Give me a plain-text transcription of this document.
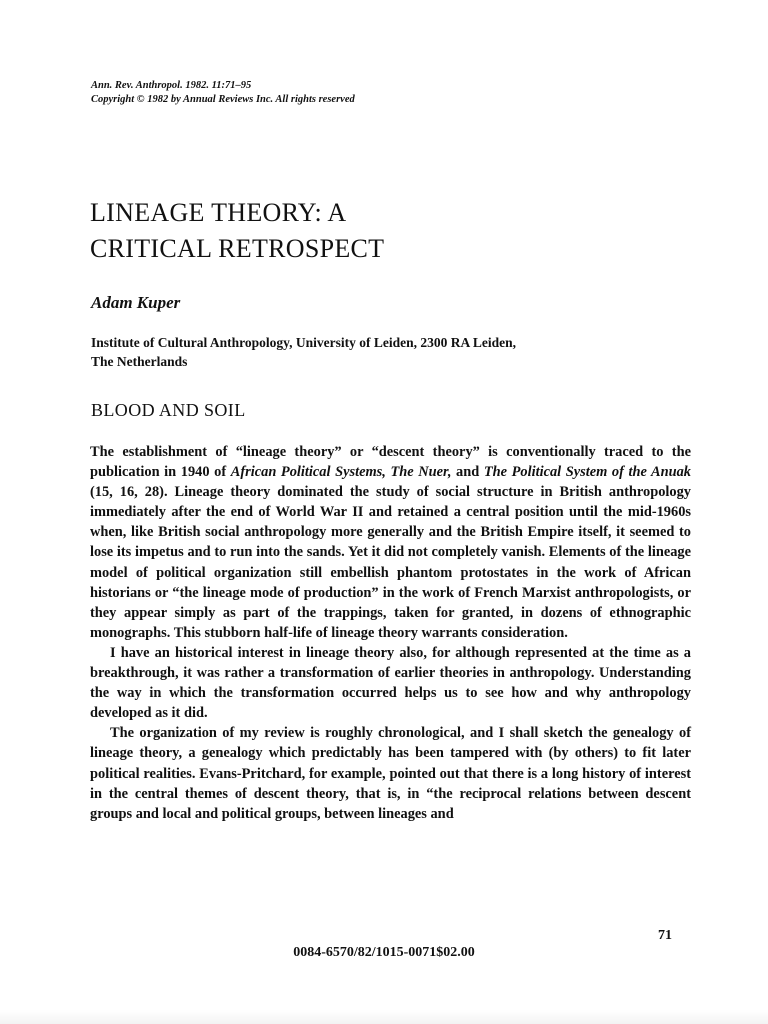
Ann. Rev. Anthropol. 1982. 11:71–95
Copyright © 1982 by Annual Reviews Inc. All rights reserved
LINEAGE THEORY: A
CRITICAL RETROSPECT
Adam Kuper
Institute of Cultural Anthropology, University of Leiden, 2300 RA Leiden,
The Netherlands
BLOOD AND SOIL

The establishment of “lineage theory” or “descent theory” is conventionally traced to the publication in 1940 of African Political Systems, The Nuer, and The Political System of the Anuak (15, 16, 28). Lineage theory dominated the study of social structure in British anthropology immediately after the end of World War II and retained a central position until the mid-1960s when, like British social anthropology more generally and the British Empire itself, it seemed to lose its impetus and to run into the sands. Yet it did not completely vanish. Elements of the lineage model of political organization still embellish phantom protostates in the work of African historians or “the lineage mode of production” in the work of French Marxist anthropologists, or they appear simply as part of the trappings, taken for granted, in dozens of ethnographic monographs. This stubborn half-life of lineage theory warrants consideration.

I have an historical interest in lineage theory also, for although represented at the time as a breakthrough, it was rather a transformation of earlier theories in anthropology. Understanding the way in which the transformation occurred helps us to see how and why anthropology developed as it did.

The organization of my review is roughly chronological, and I shall sketch the genealogy of lineage theory, a genealogy which predictably has been tampered with (by others) to fit later political realities. Evans-Pritchard, for example, pointed out that there is a long history of interest in the central themes of descent theory, that is, in “the reciprocal relations between descent groups and local and political groups, between lineages and

71
0084-6570/82/1015-0071$02.00
